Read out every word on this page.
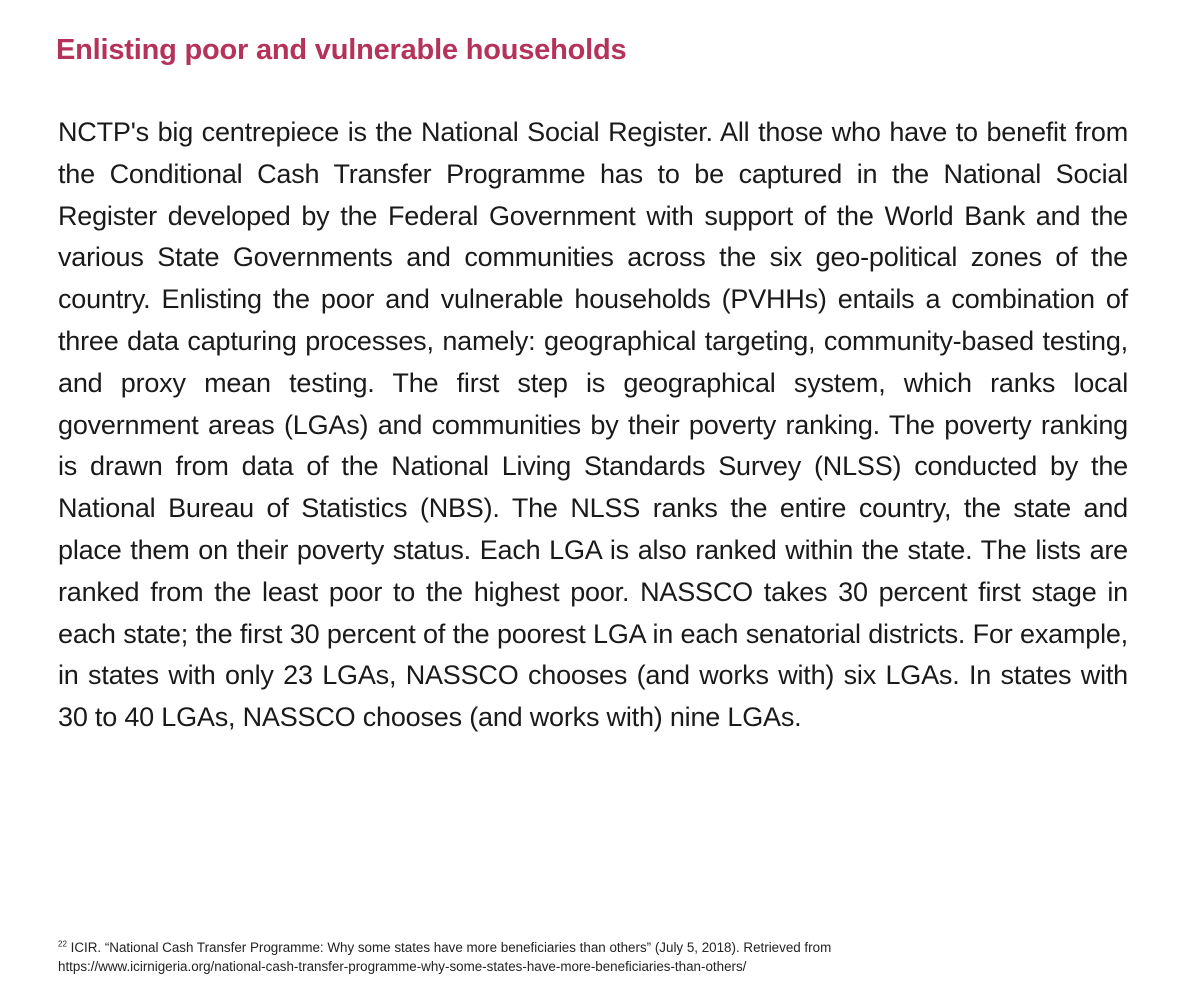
Enlisting poor and vulnerable households

NCTP's big centrepiece is the National Social Register. All those who have to benefit from the Conditional Cash Transfer Programme has to be captured in the National Social Register developed by the Federal Government with support of the World Bank and the various State Governments and communities across the six geo-political zones of the country. Enlisting the poor and vulnerable households (PVHHs) entails a combination of three data capturing processes, namely: geographical targeting, community-based testing, and proxy mean testing. The first step is geographical system, which ranks local government areas (LGAs) and communities by their poverty ranking. The poverty ranking is drawn from data of the National Living Standards Survey (NLSS) conducted by the National Bureau of Statistics (NBS). The NLSS ranks the entire country, the state and place them on their poverty status. Each LGA is also ranked within the state. The lists are ranked from the least poor to the highest poor. NASSCO takes 30 percent first stage in each state; the first 30 percent of the poorest LGA in each senatorial districts. For example, in states with only 23 LGAs, NASSCO chooses (and works with) six LGAs. In states with 30 to 40 LGAs, NASSCO chooses (and works with) nine LGAs.

$^{22}$ ICIR. “National Cash Transfer Programme: Why some states have more beneficiaries than others” (July 5, 2018). Retrieved from
https://www.icirnigeria.org/national-cash-transfer-programme-why-some-states-have-more-beneficiaries-than-others/
